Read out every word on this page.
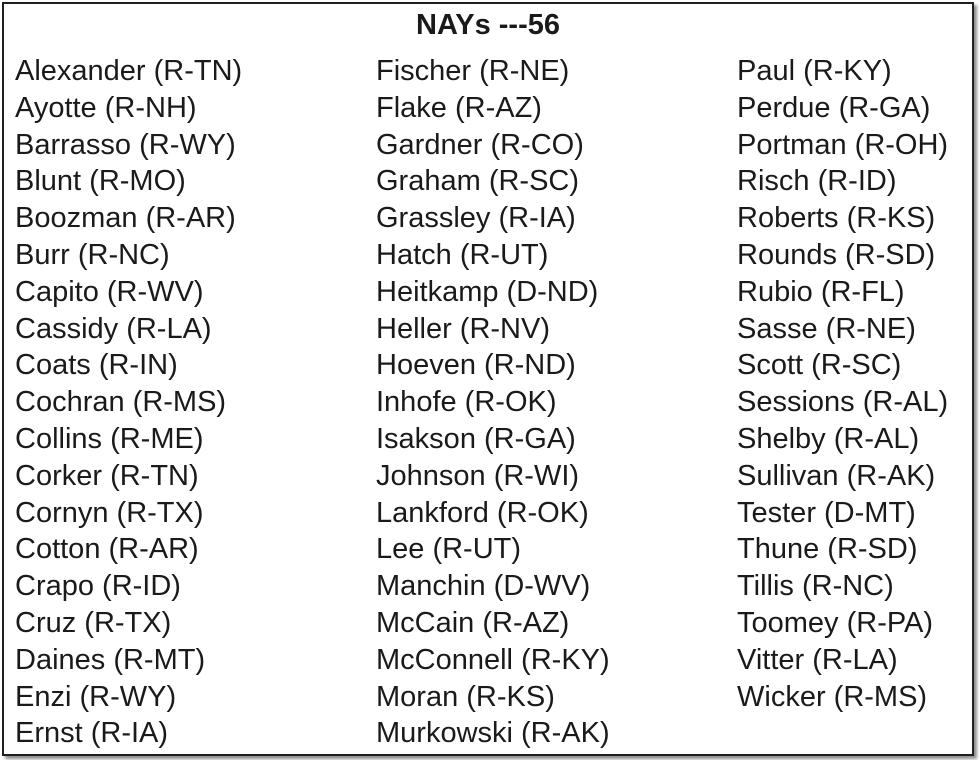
NAYs ---56
Alexander (R-TN)
Ayotte (R-NH)
Barrasso (R-WY)
Blunt (R-MO)
Boozman (R-AR)
Burr (R-NC)
Capito (R-WV)
Cassidy (R-LA)
Coats (R-IN)
Cochran (R-MS)
Collins (R-ME)
Corker (R-TN)
Cornyn (R-TX)
Cotton (R-AR)
Crapo (R-ID)
Cruz (R-TX)
Daines (R-MT)
Enzi (R-WY)
Ernst (R-IA)
Fischer (R-NE)
Flake (R-AZ)
Gardner (R-CO)
Graham (R-SC)
Grassley (R-IA)
Hatch (R-UT)
Heitkamp (D-ND)
Heller (R-NV)
Hoeven (R-ND)
Inhofe (R-OK)
Isakson (R-GA)
Johnson (R-WI)
Lankford (R-OK)
Lee (R-UT)
Manchin (D-WV)
McCain (R-AZ)
McConnell (R-KY)
Moran (R-KS)
Murkowski (R-AK)
Paul (R-KY)
Perdue (R-GA)
Portman (R-OH)
Risch (R-ID)
Roberts (R-KS)
Rounds (R-SD)
Rubio (R-FL)
Sasse (R-NE)
Scott (R-SC)
Sessions (R-AL)
Shelby (R-AL)
Sullivan (R-AK)
Tester (D-MT)
Thune (R-SD)
Tillis (R-NC)
Toomey (R-PA)
Vitter (R-LA)
Wicker (R-MS)
